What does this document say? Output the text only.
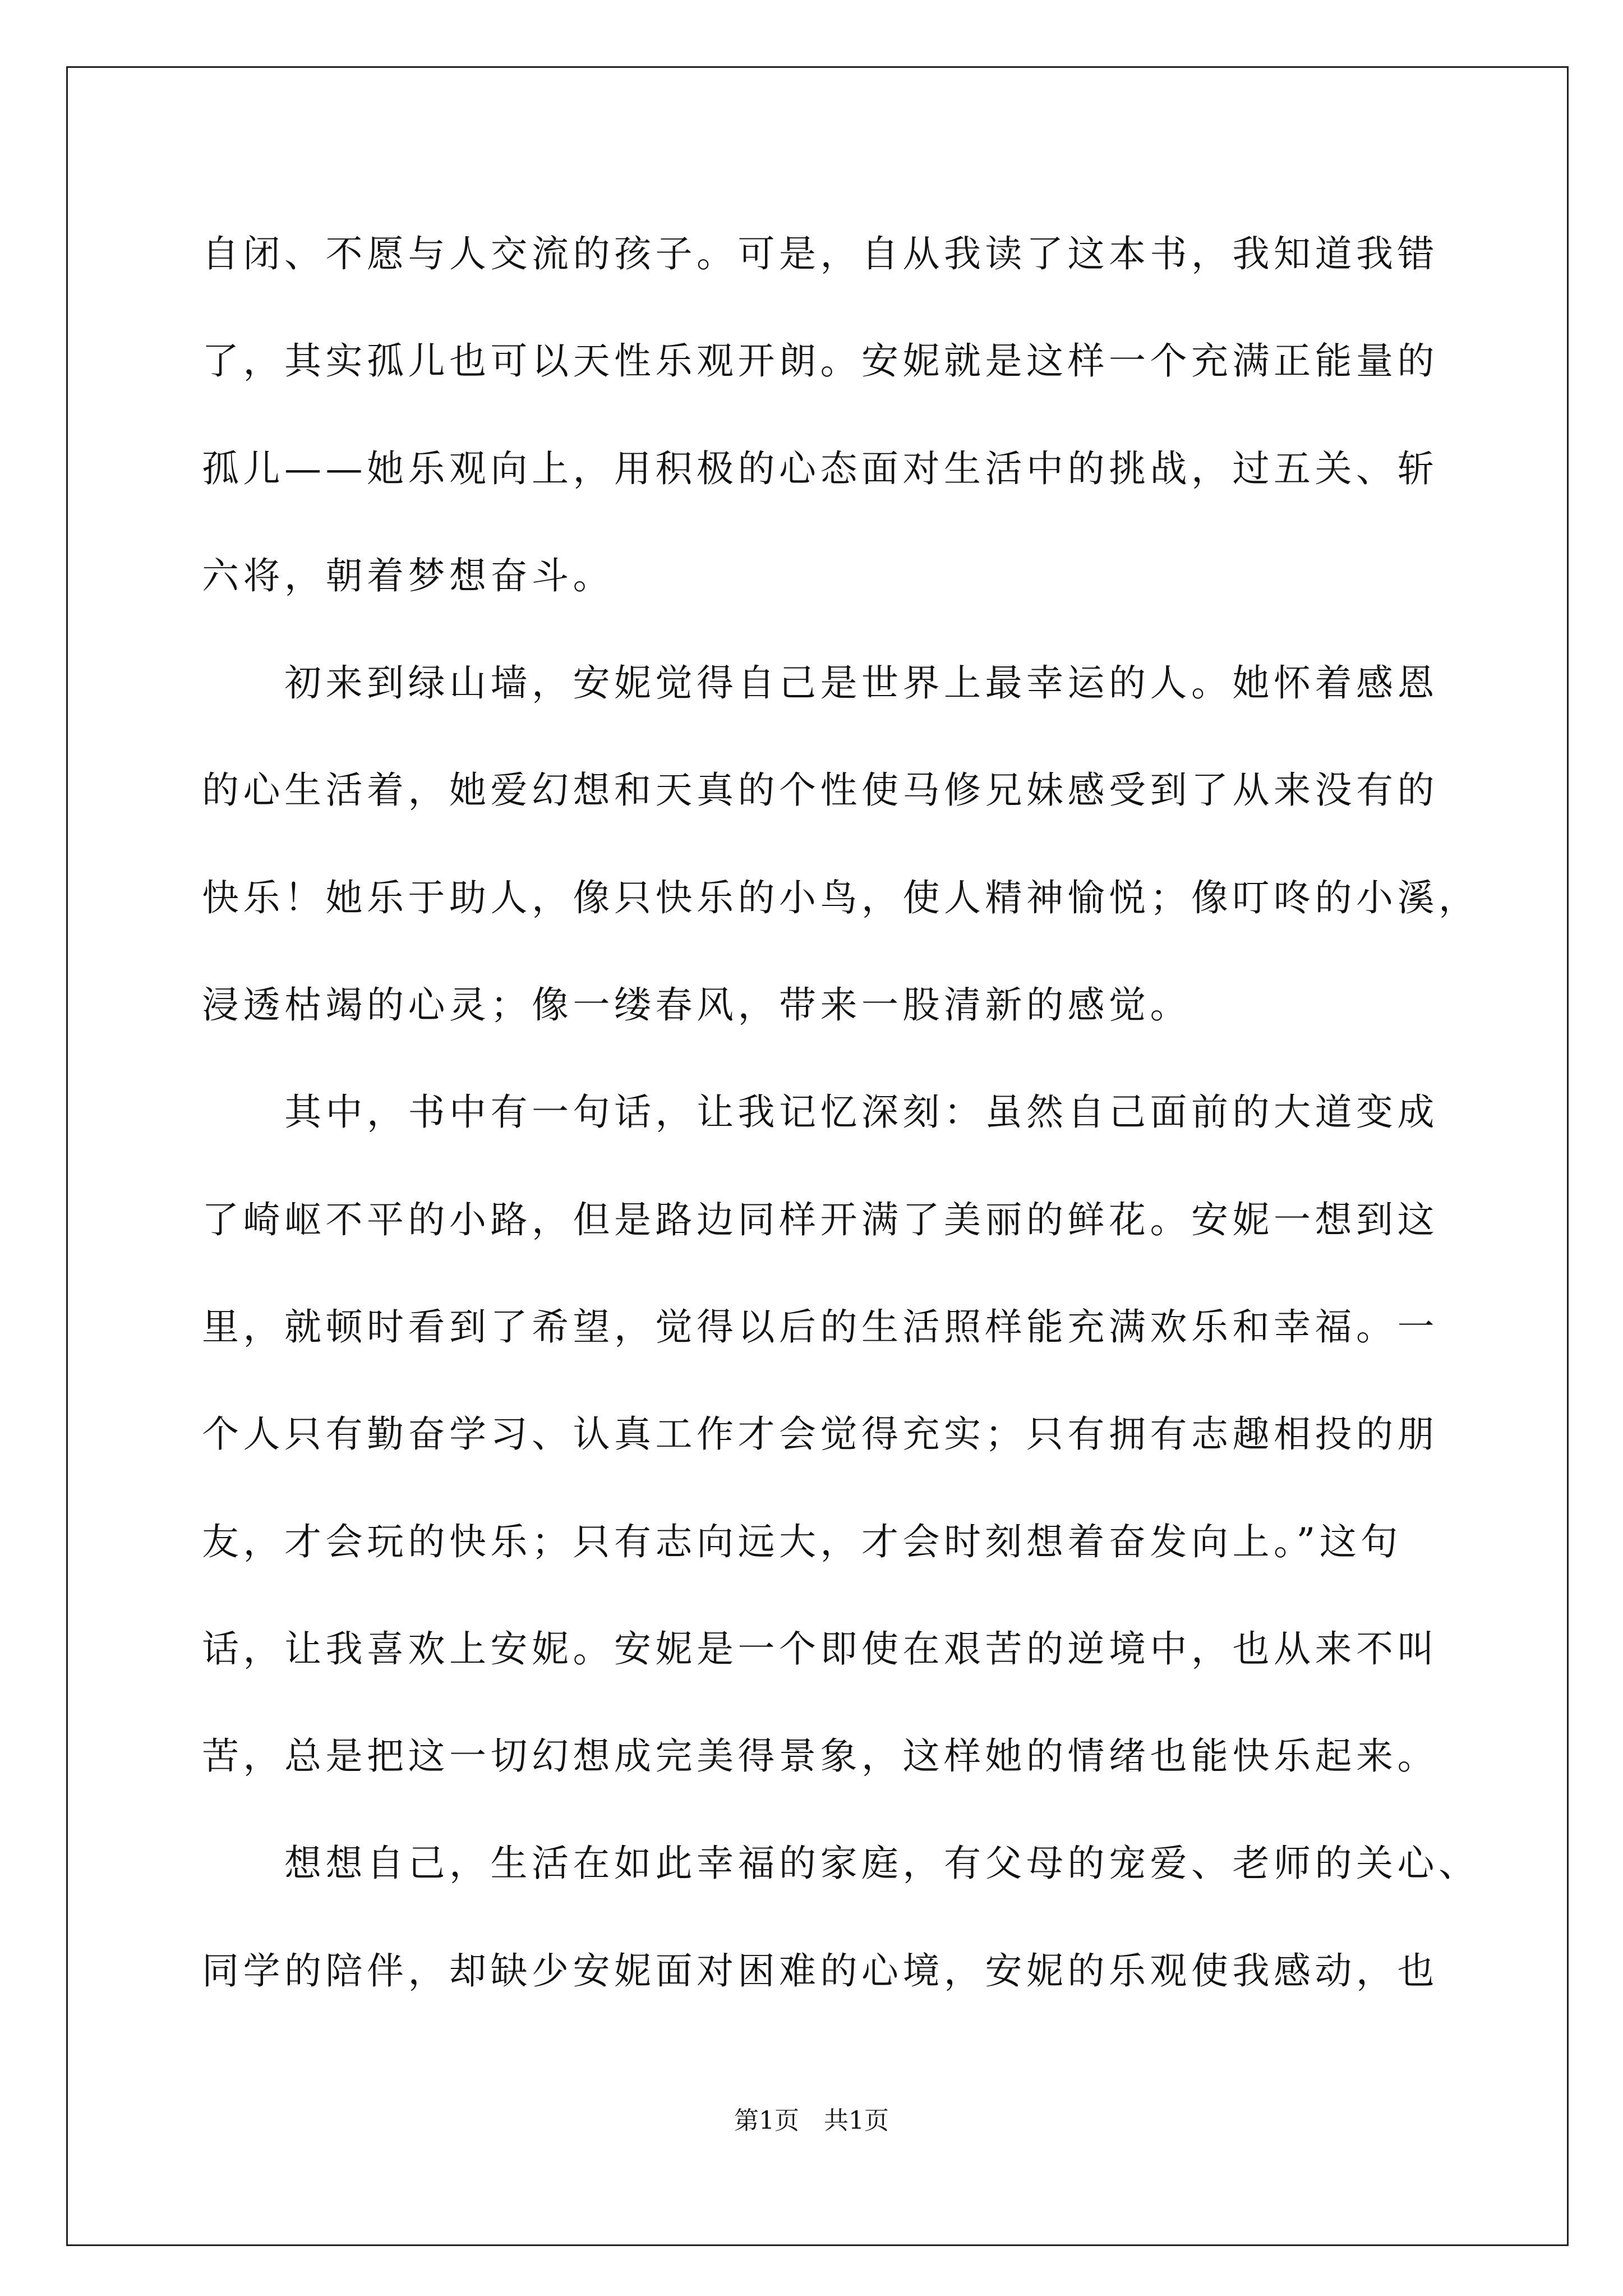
自闭、不愿与人交流的孩子。可是，自从我读了这本书，我知道我错
了，其实孤儿也可以天性乐观开朗。安妮就是这样一个充满正能量的
孤儿——她乐观向上，用积极的心态面对生活中的挑战，过五关、斩
六将，朝着梦想奋斗。
初来到绿山墙，安妮觉得自己是世界上最幸运的人。她怀着感恩
的心生活着，她爱幻想和天真的个性使马修兄妹感受到了从来没有的
快乐！她乐于助人，像只快乐的小鸟，使人精神愉悦；像叮咚的小溪，
浸透枯竭的心灵；像一缕春风，带来一股清新的感觉。
其中，书中有一句话，让我记忆深刻：虽然自己面前的大道变成
了崎岖不平的小路，但是路边同样开满了美丽的鲜花。安妮一想到这
里，就顿时看到了希望，觉得以后的生活照样能充满欢乐和幸福。一
个人只有勤奋学习、认真工作才会觉得充实；只有拥有志趣相投的朋
友，才会玩的快乐；只有志向远大，才会时刻想着奋发向上。”这句
话，让我喜欢上安妮。安妮是一个即使在艰苦的逆境中，也从来不叫
苦，总是把这一切幻想成完美得景象，这样她的情绪也能快乐起来。
想想自己，生活在如此幸福的家庭，有父母的宠爱、老师的关心、
同学的陪伴，却缺少安妮面对困难的心境，安妮的乐观使我感动，也
第1页　共1页
